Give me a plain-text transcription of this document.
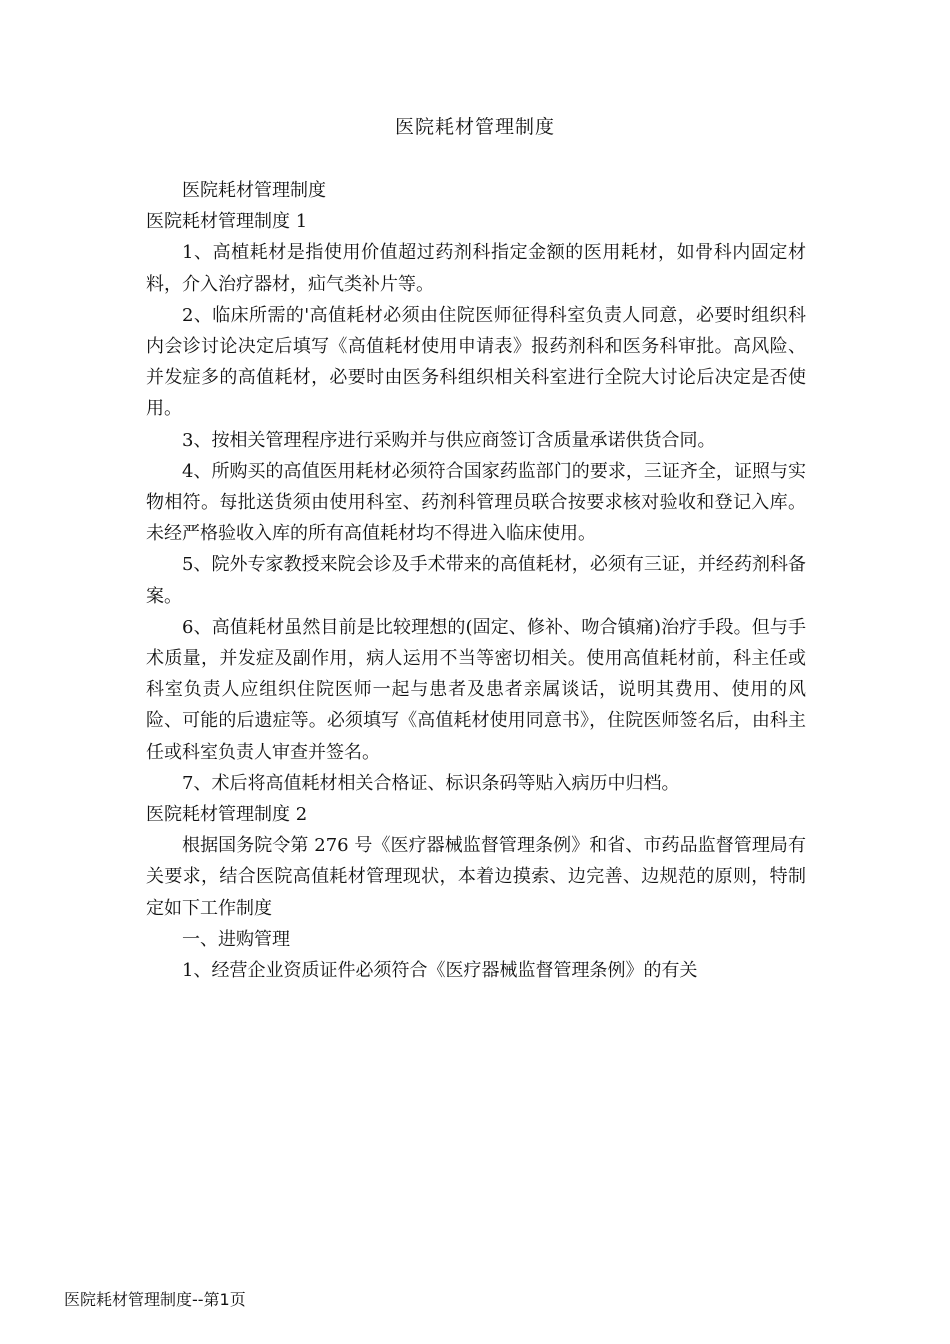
医院耗材管理制度

医院耗材管理制度

医院耗材管理制度 1

1、高植耗材是指使用价值超过药剂科指定金额的医用耗材，如骨科内固定材料，介入治疗器材，疝气类补片等。

2、临床所需的'高值耗材必须由住院医师征得科室负责人同意，必要时组织科内会诊讨论决定后填写《高值耗材使用申请表》报药剂科和医务科审批。高风险、并发症多的高值耗材，必要时由医务科组织相关科室进行全院大讨论后决定是否使用。

3、按相关管理程序进行采购并与供应商签订含质量承诺供货合同。

4、所购买的高值医用耗材必须符合国家药监部门的要求，三证齐全，证照与实物相符。每批送货须由使用科室、药剂科管理员联合按要求核对验收和登记入库。未经严格验收入库的所有高值耗材均不得进入临床使用。

5、院外专家教授来院会诊及手术带来的高值耗材，必须有三证，并经药剂科备案。

6、高值耗材虽然目前是比较理想的(固定、修补、吻合镇痛)治疗手段。但与手术质量，并发症及副作用，病人运用不当等密切相关。使用高值耗材前，科主任或科室负责人应组织住院医师一起与患者及患者亲属谈话，说明其费用、使用的风险、可能的后遗症等。必须填写《高值耗材使用同意书》，住院医师签名后，由科主任或科室负责人审查并签名。

7、术后将高值耗材相关合格证、标识条码等贴入病历中归档。

医院耗材管理制度 2

根据国务院令第 276 号《医疗器械监督管理条例》和省、市药品监督管理局有关要求，结合医院高值耗材管理现状，本着边摸索、边完善、边规范的原则，特制定如下工作制度

一、进购管理

1、经营企业资质证件必须符合《医疗器械监督管理条例》的有关

医院耗材管理制度--第1页
